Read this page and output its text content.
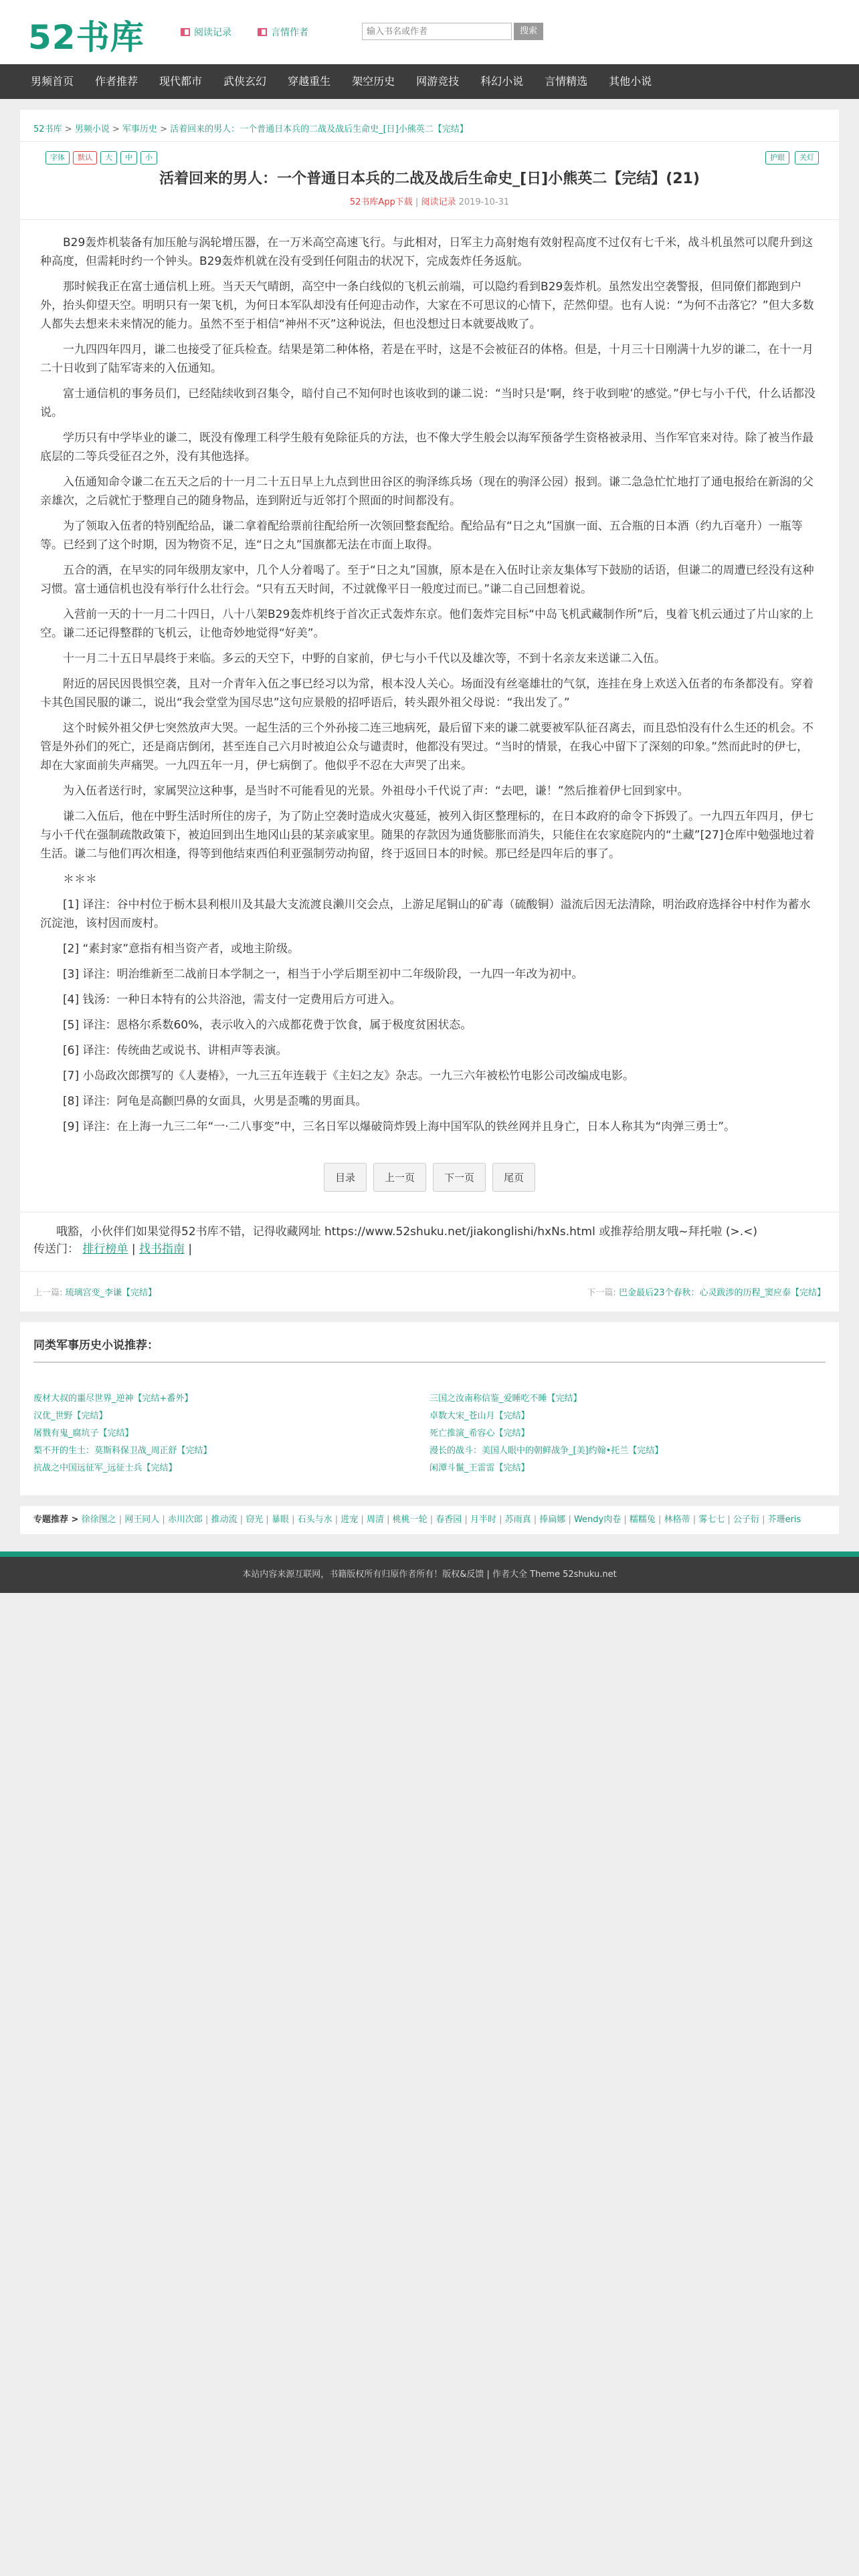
52书库	阅读记录	言情作者
输入书名或作者	搜索
男频首页	作者推荐	现代都市	武侠玄幻	穿越重生	架空历史	网游竞技	科幻小说	言情精选	其他小说
52书库 > 男频小说 > 军事历史 > 活着回来的男人：一个普通日本兵的二战及战后生命史_[日]小熊英二【完结】
字体	默认	大	中	小	护眼	关灯
活着回来的男人：一个普通日本兵的二战及战后生命史_[日]小熊英二【完结】(21)
52书库App下载 | 阅读记录 2019-10-31

B29轰炸机装备有加压舱与涡轮增压器，在一万米高空高速飞行。与此相对，日军主力高射炮有效射程高度不过仅有七千米，战斗机虽然可以爬升到这种高度，但需耗时约一个钟头。B29轰炸机就在没有受到任何阻击的状况下，完成轰炸任务返航。

那时候我正在富士通信机上班。当天天气晴朗，高空中一条白线似的飞机云前端，可以隐约看到B29轰炸机。虽然发出空袭警报，但同僚们都跑到户外，抬头仰望天空。明明只有一架飞机，为何日本军队却没有任何迎击动作，大家在不可思议的心情下，茫然仰望。也有人说：“为何不击落它？”但大多数人都失去想来未来情况的能力。虽然不至于相信“神州不灭”这种说法，但也没想过日本就要战败了。

一九四四年四月，谦二也接受了征兵检查。结果是第二种体格，若是在平时，这是不会被征召的体格。但是，十月三十日刚满十九岁的谦二，在十一月二十日收到了陆军寄来的入伍通知。

富士通信机的事务员们，已经陆续收到召集令，暗付自己不知何时也该收到的谦二说：“当时只是‘啊，终于收到啦’的感觉。”伊七与小千代，什么话都没说。

学历只有中学毕业的谦二，既没有像理工科学生般有免除征兵的方法，也不像大学生般会以海军预备学生资格被录用、当作军官来对待。除了被当作最底层的二等兵受征召之外，没有其他选择。

入伍通知命令谦二在五天之后的十一月二十五日早上九点到世田谷区的驹泽练兵场（现在的驹泽公园）报到。谦二急急忙忙地打了通电报给在新潟的父亲雄次，之后就忙于整理自己的随身物品，连到附近与近邻打个照面的时间都没有。

为了领取入伍者的特别配给品，谦二拿着配给票前往配给所一次领回整套配给。配给品有“日之丸”国旗一面、五合瓶的日本酒（约九百毫升）一瓶等等。已经到了这个时期，因为物资不足，连“日之丸”国旗都无法在市面上取得。

五合的酒，在早实的同年级朋友家中，几个人分着喝了。至于“日之丸”国旗，原本是在入伍时让亲友集体写下鼓励的话语，但谦二的周遭已经没有这种习惯。富士通信机也没有举行什么壮行会。“只有五天时间，不过就像平日一般度过而已。”谦二自己回想着说。

入营前一天的十一月二十四日，八十八架B29轰炸机终于首次正式轰炸东京。他们轰炸完目标“中岛飞机武藏制作所”后，曳着飞机云通过了片山家的上空。谦二还记得整群的飞机云，让他奇妙地觉得“好美”。

十一月二十五日早晨终于来临。多云的天空下，中野的自家前，伊七与小千代以及雄次等，不到十名亲友来送谦二入伍。

附近的居民因畏惧空袭，且对一介青年入伍之事已经习以为常，根本没人关心。场面没有丝毫雄壮的气氛，连挂在身上欢送入伍者的布条都没有。穿着卡其色国民服的谦二，说出“我会堂堂为国尽忠”这句应景般的招呼语后，转头跟外祖父母说：“我出发了。”

这个时候外祖父伊七突然放声大哭。一起生活的三个外孙接二连三地病死，最后留下来的谦二就要被军队征召离去，而且恐怕没有什么生还的机会。不管是外孙们的死亡，还是商店倒闭，甚至连自己六月时被迫公众与谴责时，他都没有哭过。“当时的情景，在我心中留下了深刻的印象。”然而此时的伊七，却在大家面前失声痛哭。一九四五年一月，伊七病倒了。他似乎不忍在大声哭了出来。

为入伍者送行时，家属哭泣这种事，是当时不可能看见的光景。外祖母小千代说了声：“去吧，谦！”然后推着伊七回到家中。

谦二入伍后，他在中野生活时所住的房子，为了防止空袭时造成火灾蔓延，被列入街区整理标的，在日本政府的命令下拆毁了。一九四五年四月，伊七与小千代在强制疏散政策下，被迫回到出生地冈山县的某亲戚家里。随果的存款因为通货膨胀而消失，只能住在农家庭院内的“土藏”[27]仓库中勉强地过着生活。谦二与他们再次相逢，得等到他结束西伯利亚强制劳动拘留，终于返回日本的时候。那已经是四年后的事了。

＊＊＊

[1] 译注：谷中村位于栃木县利根川及其最大支流渡良濑川交会点，上游足尾铜山的矿毒（硫酸铜）溢流后因无法清除，明治政府选择谷中村作为蓄水沉淀池，该村因而废村。

[2] “素封家”意指有相当资产者，或地主阶级。

[3] 译注：明治维新至二战前日本学制之一，相当于小学后期至初中二年级阶段，一九四一年改为初中。

[4] 钱汤：一种日本特有的公共浴池，需支付一定费用后方可进入。

[5] 译注：恩格尔系数60%，表示收入的六成都花费于饮食，属于极度贫困状态。

[6] 译注：传统曲艺或说书、讲相声等表演。

[7] 小岛政次郎撰写的《人妻椿》，一九三五年连载于《主妇之友》杂志。一九三六年被松竹电影公司改编成电影。

[8] 译注：阿龟是高颧凹鼻的女面具，火男是歪嘴的男面具。

[9] 译注：在上海一九三二年“一·二八事变”中，三名日军以爆破筒炸毁上海中国军队的铁丝网并且身亡，日本人称其为“肉弹三勇士”。

目录	上一页	下一页	尾页

哦豁，小伙伴们如果觉得52书库不错，记得收藏网址 https://www.52shuku.net/jiakonglishi/hxNs.html 或推荐给朋友哦~拜托啦 (>.<)

传送门： 排行榜单 | 找书指南 |
上一篇: 琉璃宫变_李谦【完结】	下一篇: 巴金最后23个春秋：心灵跋涉的历程_窦应泰【完结】
同类军事历史小说推荐：
废材大叔的噩尽世界_逆神【完结+番外】	三国之汝南称信鉴_爱睡吃不睡【完结】
汉优_世野【完结】	卓数大宋_苍山月【完结】
屠戮有鬼_腐坑子【完结】	死亡推演_希容心【完结】
梨不开的生土：莫斯科保卫战_周正舒【完结】	漫长的战斗：美国人眼中的朝鲜战争_[美]约翰•托兰【完结】
抗战之中国远征军_远征士兵【完结】	闲潭斗鬣_王雷雷【完结】
专题推荐 > 徐徐图之 | 网王同人 | 赤川次郎 | 推动流 | 窃光 | 暴眼 | 石头与水 | 进宠 | 周清 | 桃桃一轮 | 春香园 | 月半时 | 苏雨真 | 捧扁娜 | Wendy肉卷 | 糯糯兔 | 林格蒂 | 雾七七 | 公子衍 | 芥珊eris
本站内容来源互联网，书籍版权所有归原作者所有！版权&反馈 | 作者大全 Theme 52shuku.net
